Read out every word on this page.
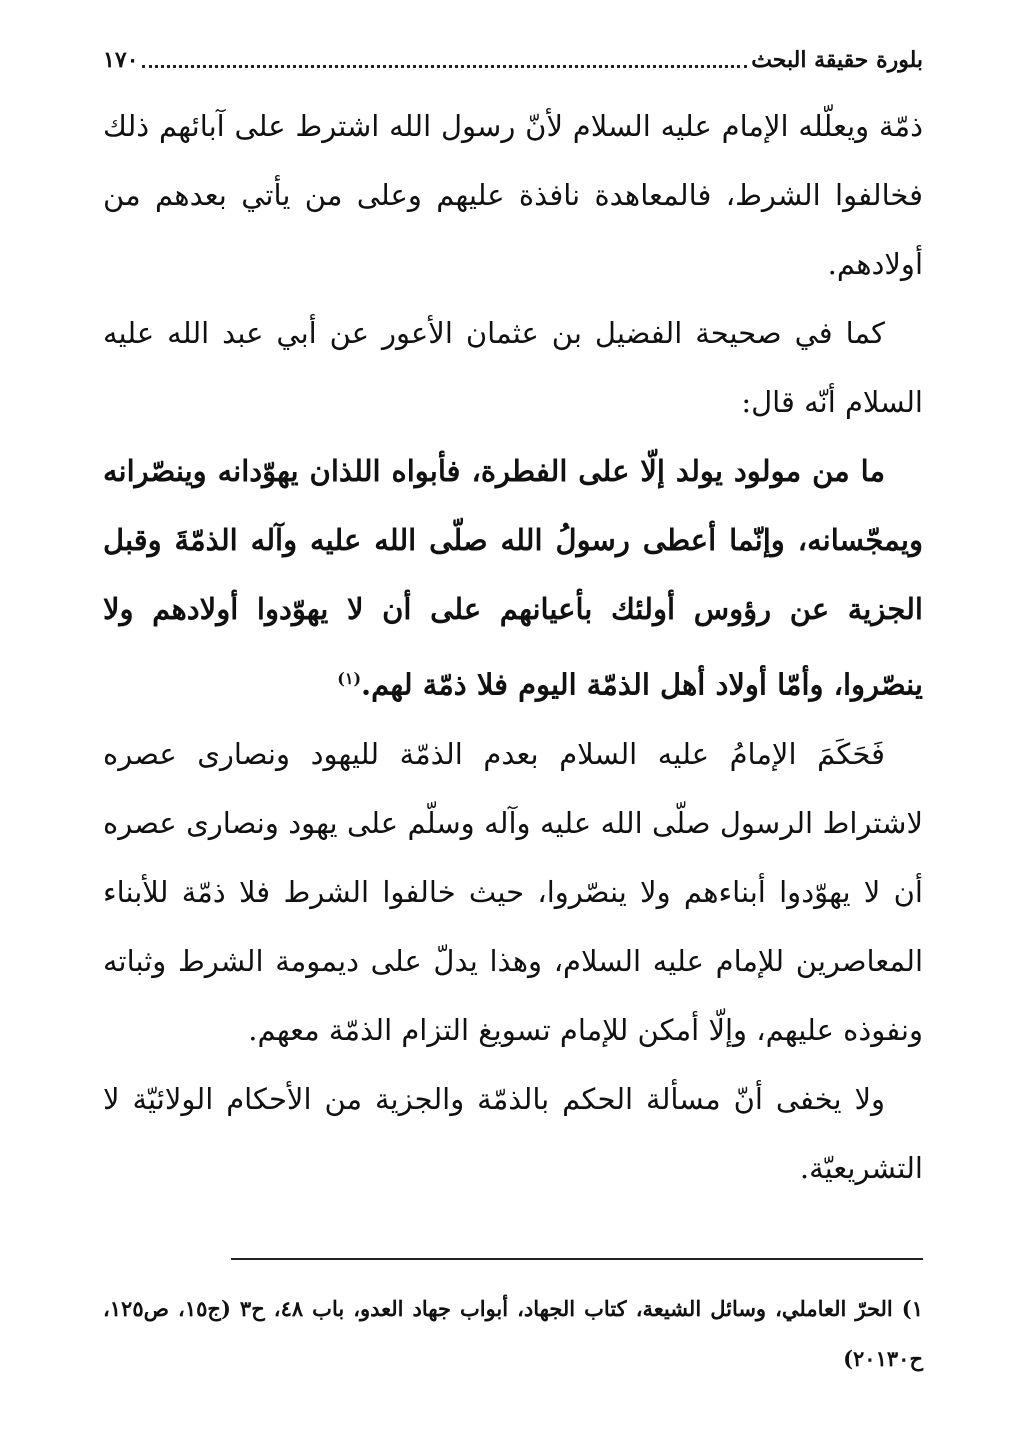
بلورة حقيقة البحث
١٧٠

ذمّة ويعلّله الإمام عليه السلام لأنّ رسول الله اشترط على آبائهم ذلك فخالفوا الشرط، فالمعاهدة نافذة عليهم وعلى من يأتي بعدهم من أولادهم.

كما في صحيحة الفضيل بن عثمان الأعور عن أبي عبد الله عليه السلام أنّه قال:

ما من مولود يولد إلّا على الفطرة، فأبواه اللذان يهوّدانه وينصّرانه ويمجّسانه، وإنّما أعطى رسولُ الله صلّى الله عليه وآله الذمّةَ وقبل الجزية عن رؤوس أولئك بأعيانهم على أن لا يهوّدوا أولادهم ولا ينصّروا، وأمّا أولاد أهل الذمّة اليوم فلا ذمّة لهم.$^{(١)}$

فَحَكَمَ الإمامُ عليه السلام بعدم الذمّة لليهود ونصارى عصره لاشتراط الرسول صلّى الله عليه وآله وسلّم على يهود ونصارى عصره أن لا يهوّدوا أبناءهم ولا ينصّروا، حيث خالفوا الشرط فلا ذمّة للأبناء المعاصرين للإمام عليه السلام، وهذا يدلّ على ديمومة الشرط وثباته ونفوذه عليهم، وإلّا أمكن للإمام تسويغ التزام الذمّة معهم.

ولا يخفى أنّ مسألة الحكم بالذمّة والجزية من الأحكام الولائيّة لا التشريعيّة.

١) الحرّ العاملي، وسائل الشيعة، كتاب الجهاد، أبواب جهاد العدو، باب ٤٨، ح٣ (ج١٥، ص١٢٥، ح٢٠١٣٠)
